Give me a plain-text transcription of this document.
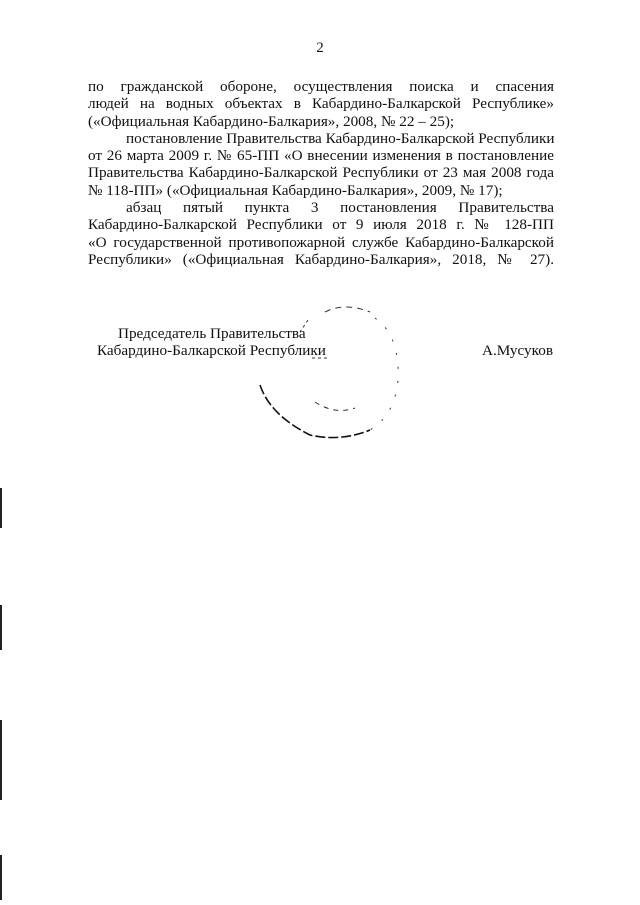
2
по гражданской обороне, осуществления поиска и спасения
людей на водных объектах в Кабардино-Балкарской Республике»
(«Официальная Кабардино-Балкария», 2008, № 22 – 25);
постановление Правительства Кабардино-Балкарской Республики
от 26 марта 2009 г. № 65-ПП «О внесении изменения в постановление
Правительства Кабардино-Балкарской Республики от 23 мая 2008 года
№ 118-ПП» («Официальная Кабардино-Балкария», 2009, № 17);
абзац пятый пункта 3 постановления Правительства
Кабардино-Балкарской Республики от 9 июля 2018 г. № 128-ПП
«О государственной противопожарной службе Кабардино-Балкарской
Республики» («Официальная Кабардино-Балкария», 2018, № 27).
Председатель Правительства
Кабардино-Балкарской Республики	А.Мусуков
